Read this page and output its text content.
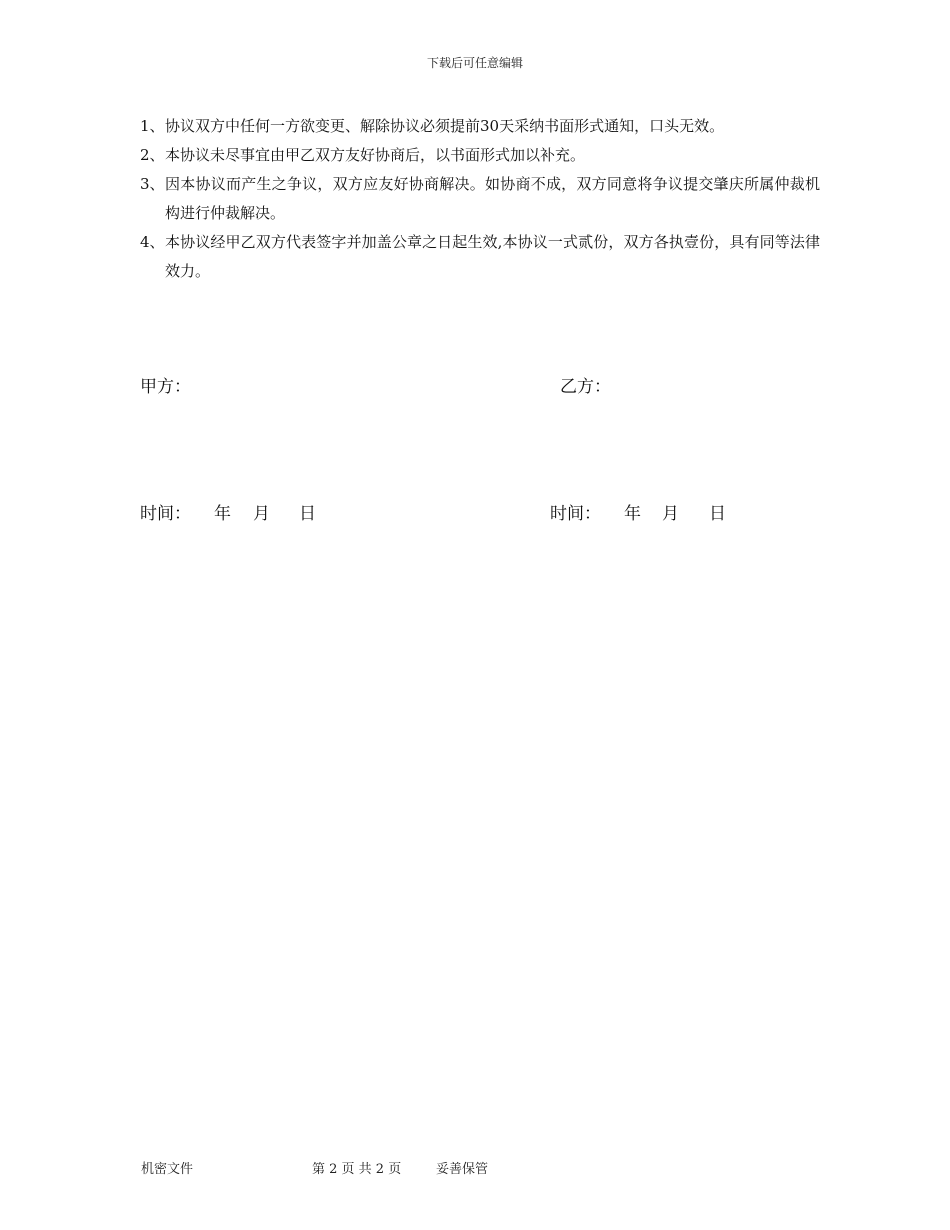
下载后可任意编辑
1、 协议双方中任何一方欲变更、解除协议必须提前30天采纳书面形式通知，口头无效。
2、 本协议未尽事宜由甲乙双方友好协商后，以书面形式加以补充。
3、 因本协议而产生之争议，双方应友好协商解决。如协商不成，双方同意将争议提交肇庆所属仲裁机构进行仲裁解决。
4、 本协议经甲乙双方代表签字并加盖公章之日起生效,本协议一式贰份，双方各执壹份，具有同等法律效力。
甲方：	乙方：
时间： 年 月 日	时间： 年 月 日
机密文件	第 2 页 共 2 页	妥善保管
